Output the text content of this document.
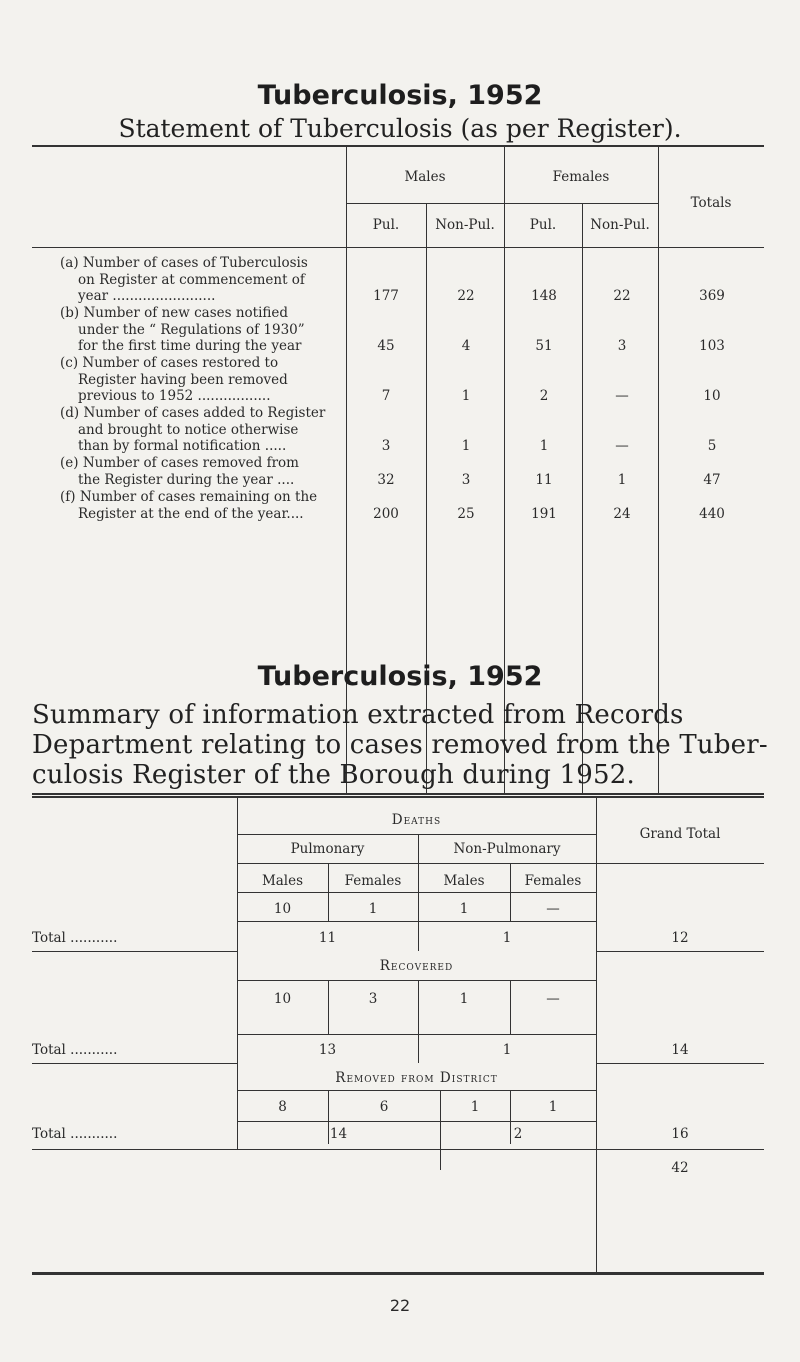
Tuberculosis, 1952
Statement of Tuberculosis (as per Register).
Males	Females
Totals
Pul.	Non-Pul.	Pul.	Non-Pul.
(a) Number of cases of Tuberculosis
on Register at commencement of
year ........................	177	22	148	22	369
(b) Number of new cases notified
under the “ Regulations of 1930”
for the first time during the year	45	4	51	3	103
(c) Number of cases restored to
Register having been removed
previous to 1952 .................	7	1	2	—	10
(d) Number of cases added to Register
and brought to notice otherwise
than by formal notification .....	3	1	1	—	5
(e) Number of cases removed from
the Register during the year ....	32	3	11	1	47
(f) Number of cases remaining on the
Register at the end of the year....	200	25	191	24	440
Tuberculosis, 1952
Summary of information extracted from Records
Department relating to cases removed from the Tuber-
culosis Register of the Borough during 1952.
Deaths
Grand Total
Pulmonary	Non-Pulmonary
Males	Females	Males	Females
10	1	1	—
Total ...........	11	1	12
Recovered
10	3	1	—
Total ...........	13	1	14
Removed from District
8	6	1	1
Total ...........	14	2	16
42
22
